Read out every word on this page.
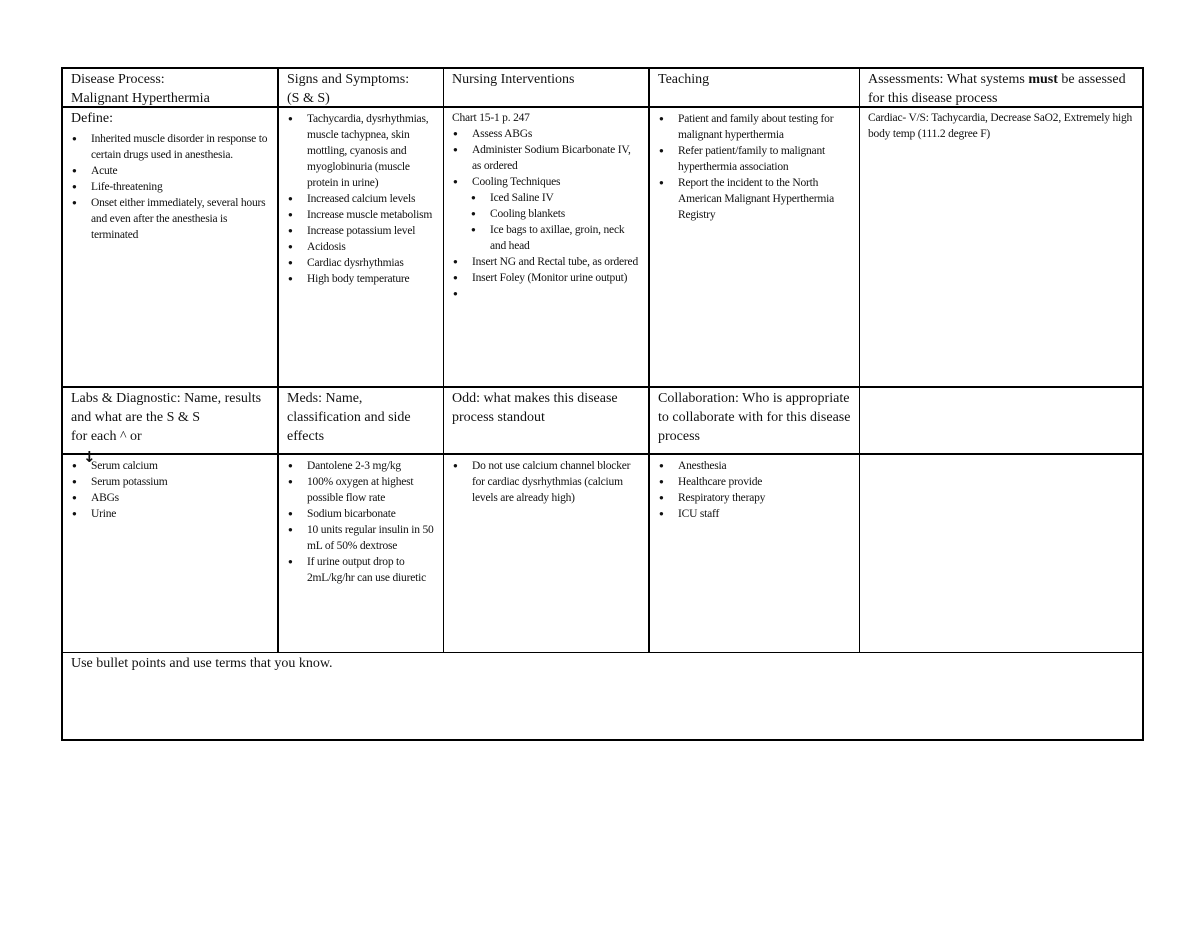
Disease Process:
Malignant Hyperthermia
Signs and Symptoms:
(S & S)
Nursing Interventions	Teaching	Assessments: What systems must be assessed for this disease process
Define:
● Inherited muscle disorder in response to certain drugs used in anesthesia.
● Acute
● Life-threatening
● Onset either immediately, several hours and even after the anesthesia is terminated
● Tachycardia, dysrhythmias, muscle tachypnea, skin mottling, cyanosis and myoglobinuria (muscle protein in urine)
● Increased calcium levels
● Increase muscle metabolism
● Increase potassium level
● Acidosis
● Cardiac dysrhythmias
● High body temperature
Chart 15-1 p. 247
● Assess ABGs
● Administer Sodium Bicarbonate IV, as ordered
● Cooling Techniques
● Iced Saline IV
● Cooling blankets
● Ice bags to axillae, groin, neck and head
● Insert NG and Rectal tube, as ordered
● Insert Foley (Monitor urine output)
●
● Patient and family about testing for malignant hyperthermia
● Refer patient/family to malignant hyperthermia association
● Report the incident to the North American Malignant Hyperthermia Registry
Cardiac- V/S: Tachycardia, Decrease SaO2, Extremely high body temp (111.2 degree F)
Labs & Diagnostic: Name, results and what are the S & S
for each ^ or
↓
Meds: Name, classification and side effects
Odd: what makes this disease process standout
Collaboration: Who is appropriate to collaborate with for this disease process
● Serum calcium
● Serum potassium
● ABGs
● Urine
● Dantolene 2-3 mg/kg
● 100% oxygen at highest possible flow rate
● Sodium bicarbonate
● 10 units regular insulin in 50 mL of 50% dextrose
● If urine output drop to 2mL/kg/hr can use diuretic
● Do not use calcium channel blocker for cardiac dysrhythmias (calcium levels are already high)
● Anesthesia
● Healthcare provide
● Respiratory therapy
● ICU staff
Use bullet points and use terms that you know.
